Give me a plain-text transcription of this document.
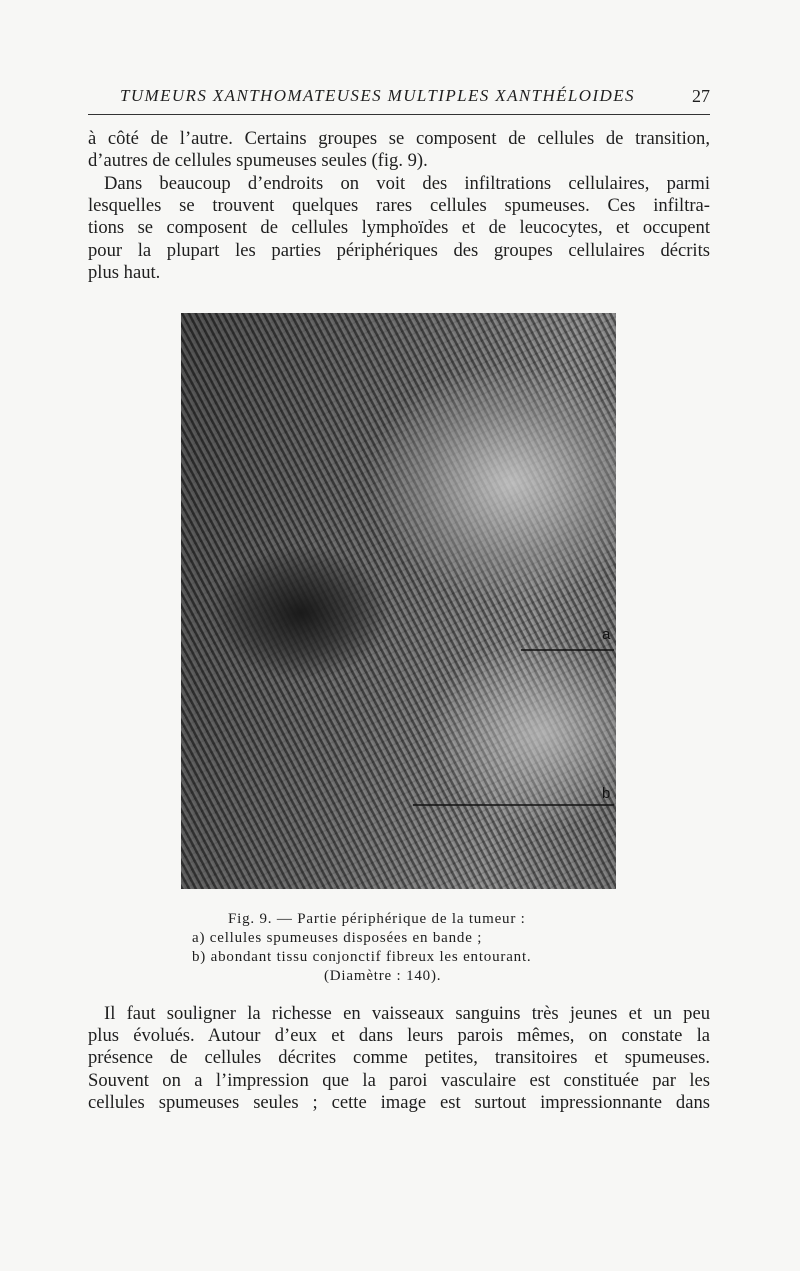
TUMEURS XANTHOMATEUSES MULTIPLES XANTHÉLOIDES	27
à côté de l’autre. Certains groupes se composent de cellules de transition,
d’autres de cellules spumeuses seules (fig. 9).
Dans beaucoup d’endroits on voit des infiltrations cellulaires, parmi
lesquelles se trouvent quelques rares cellules spumeuses. Ces infiltra-
tions se composent de cellules lymphoïdes et de leucocytes, et occupent
pour la plupart les parties périphériques des groupes cellulaires décrits
plus haut.
a
b
Fig. 9. — Partie périphérique de la tumeur :
a) cellules spumeuses disposées en bande ;
b) abondant tissu conjonctif fibreux les entourant.
(Diamètre : 140).
Il faut souligner la richesse en vaisseaux sanguins très jeunes et un peu
plus évolués. Autour d’eux et dans leurs parois mêmes, on constate la
présence de cellules décrites comme petites, transitoires et spumeuses.
Souvent on a l’impression que la paroi vasculaire est constituée par les
cellules spumeuses seules ; cette image est surtout impressionnante dans
